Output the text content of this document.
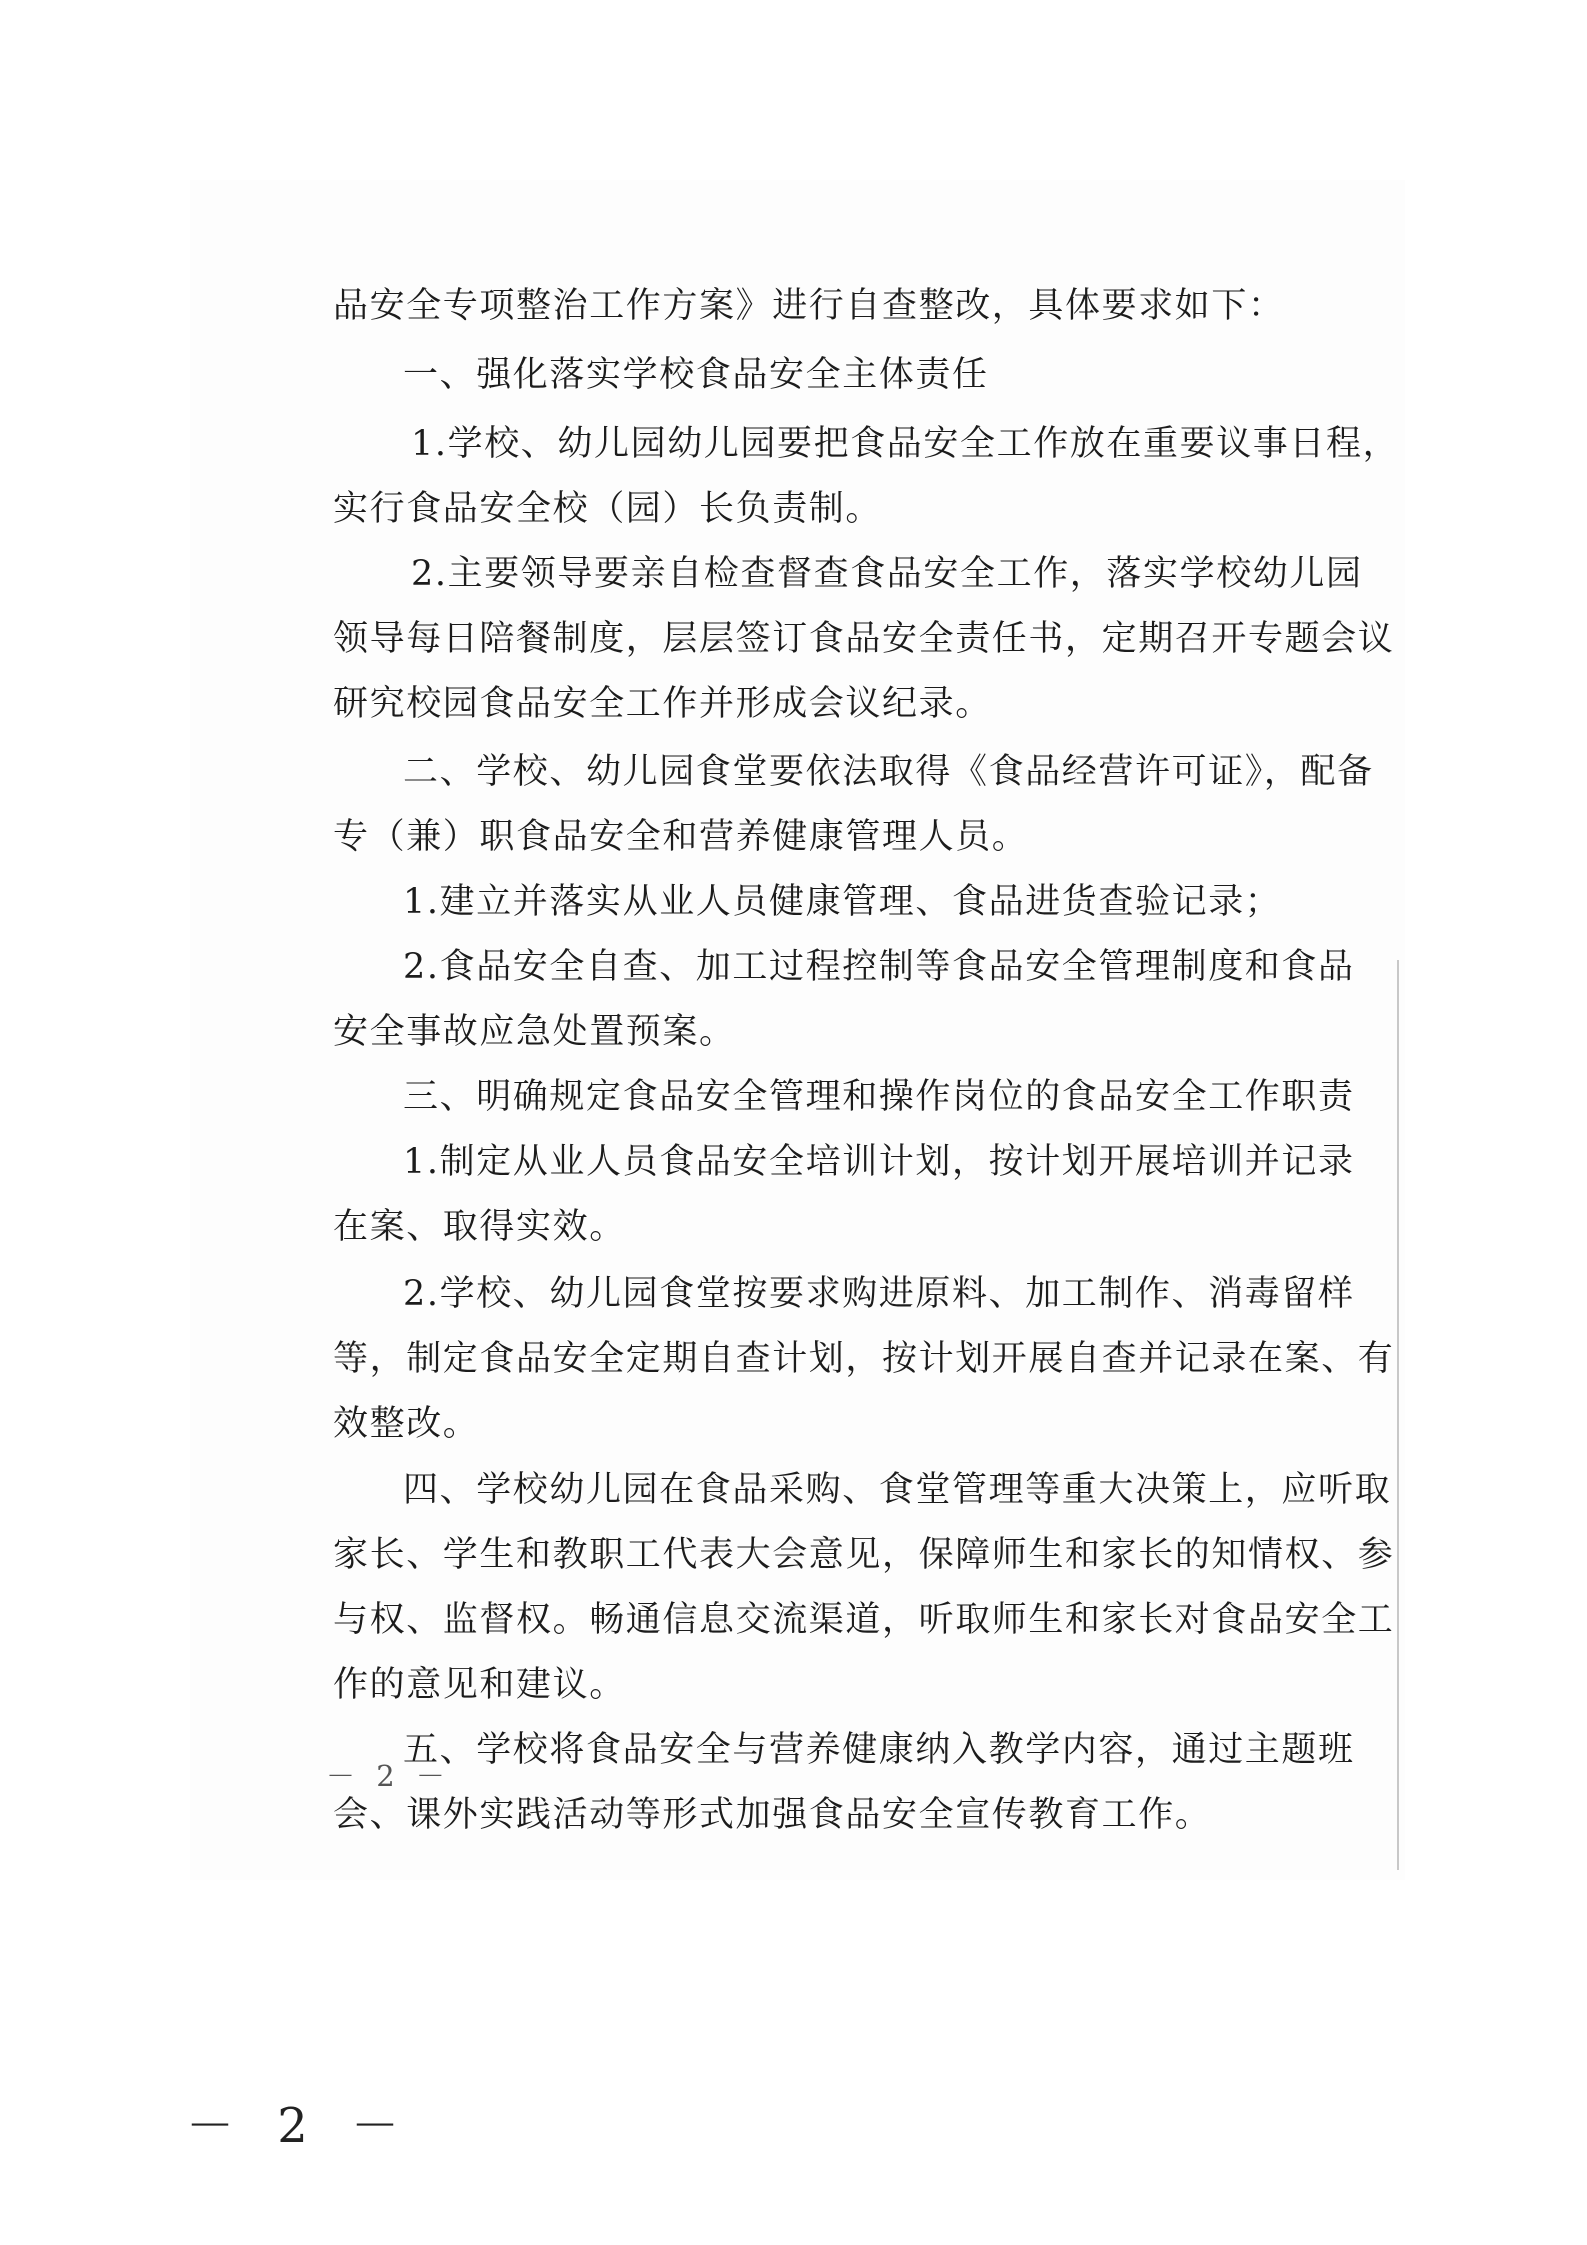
品安全专项整治工作方案》进行自查整改，具体要求如下：
一、强化落实学校食品安全主体责任
1.学校、幼儿园幼儿园要把食品安全工作放在重要议事日程，
实行食品安全校（园）长负责制。
2.主要领导要亲自检查督查食品安全工作，落实学校幼儿园
领导每日陪餐制度，层层签订食品安全责任书，定期召开专题会议
研究校园食品安全工作并形成会议纪录。
二、学校、幼儿园食堂要依法取得《食品经营许可证》，配备
专（兼）职食品安全和营养健康管理人员。
1.建立并落实从业人员健康管理、食品进货查验记录；
2.食品安全自查、加工过程控制等食品安全管理制度和食品
安全事故应急处置预案。
三、明确规定食品安全管理和操作岗位的食品安全工作职责
1.制定从业人员食品安全培训计划，按计划开展培训并记录
在案、取得实效。
2.学校、幼儿园食堂按要求购进原料、加工制作、消毒留样
等，制定食品安全定期自查计划，按计划开展自查并记录在案、有
效整改。
四、学校幼儿园在食品采购、食堂管理等重大决策上，应听取
家长、学生和教职工代表大会意见，保障师生和家长的知情权、参
与权、监督权。畅通信息交流渠道，听取师生和家长对食品安全工
作的意见和建议。
五、学校将食品安全与营养健康纳入教学内容，通过主题班
会、课外实践活动等形式加强食品安全宣传教育工作。
－ 2 －
－ 2 －
